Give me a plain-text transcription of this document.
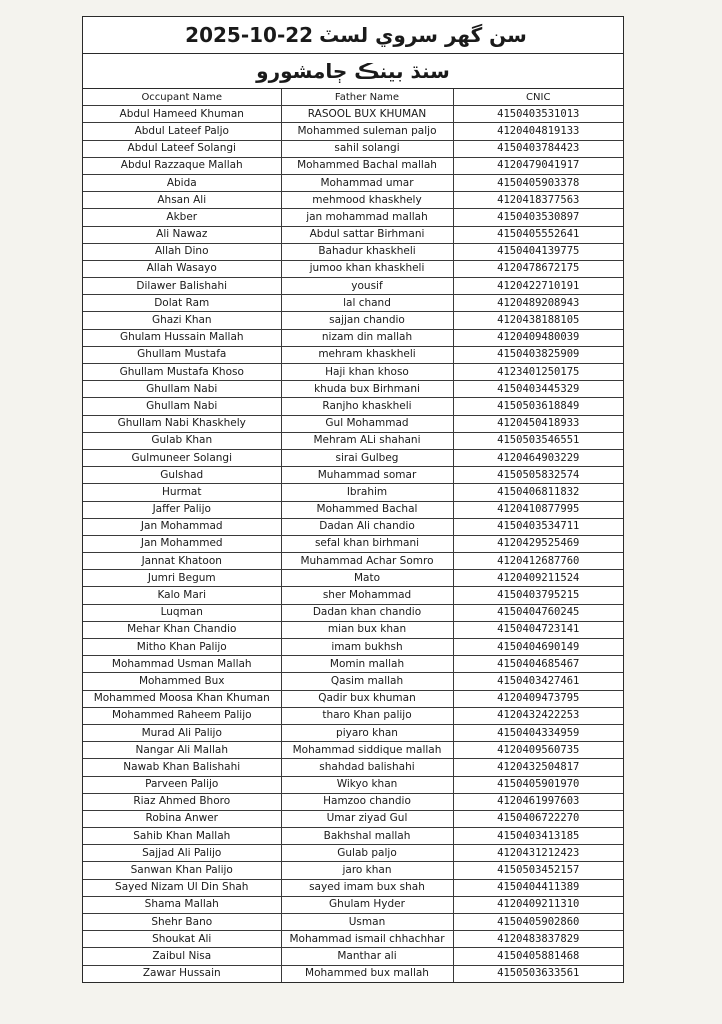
سن گھر سروي لسٽ
2025-10-22
سنڌ بينڪ ڄامشورو
Occupant Name	Father Name	CNIC
Abdul Hameed Khuman	RASOOL BUX KHUMAN	4150403531013
Abdul Lateef Paljo	Mohammed suleman paljo	4120404819133
Abdul Lateef Solangi	sahil solangi	4150403784423
Abdul Razzaque Mallah	Mohammed Bachal mallah	4120479041917
Abida	Mohammad umar	4150405903378
Ahsan Ali	mehmood khaskhely	4120418377563
Akber	jan mohammad mallah	4150403530897
Ali Nawaz	Abdul sattar Birhmani	4150405552641
Allah Dino	Bahadur khaskheli	4150404139775
Allah Wasayo	jumoo khan khaskheli	4120478672175
Dilawer Balishahi	yousif	4120422710191
Dolat Ram	lal chand	4120489208943
Ghazi Khan	sajjan chandio	4120438188105
Ghulam Hussain Mallah	nizam din mallah	4120409480039
Ghullam Mustafa	mehram khaskheli	4150403825909
Ghullam Mustafa Khoso	Haji khan khoso	4123401250175
Ghullam Nabi	khuda bux Birhmani	4150403445329
Ghullam Nabi	Ranjho khaskheli	4150503618849
Ghullam Nabi Khaskhely	Gul Mohammad	4120450418933
Gulab Khan	Mehram ALi shahani	4150503546551
Gulmuneer Solangi	sirai Gulbeg	4120464903229
Gulshad	Muhammad somar	4150505832574
Hurmat	Ibrahim	4150406811832
Jaffer Palijo	Mohammed Bachal	4120410877995
Jan Mohammad	Dadan Ali chandio	4150403534711
Jan Mohammed	sefal khan birhmani	4120429525469
Jannat Khatoon	Muhammad Achar Somro	4120412687760
Jumri Begum	Mato	4120409211524
Kalo Mari	sher Mohammad	4150403795215
Luqman	Dadan khan chandio	4150404760245
Mehar Khan Chandio	mian bux khan	4150404723141
Mitho Khan Palijo	imam bukhsh	4150404690149
Mohammad Usman Mallah	Momin mallah	4150404685467
Mohammed Bux	Qasim mallah	4150403427461
Mohammed Moosa Khan Khuman	Qadir bux khuman	4120409473795
Mohammed Raheem Palijo	tharo Khan palijo	4120432422253
Murad Ali Palijo	piyaro khan	4150404334959
Nangar Ali Mallah	Mohammad siddique mallah	4120409560735
Nawab Khan Balishahi	shahdad balishahi	4120432504817
Parveen Palijo	Wikyo khan	4150405901970
Riaz Ahmed Bhoro	Hamzoo chandio	4120461997603
Robina Anwer	Umar ziyad Gul	4150406722270
Sahib Khan Mallah	Bakhshal mallah	4150403413185
Sajjad Ali Palijo	Gulab paljo	4120431212423
Sanwan Khan Palijo	jaro khan	4150503452157
Sayed Nizam Ul Din Shah	sayed imam bux shah	4150404411389
Shama Mallah	Ghulam Hyder	4120409211310
Shehr Bano	Usman	4150405902860
Shoukat Ali	Mohammad ismail chhachhar	4120483837829
Zaibul Nisa	Manthar ali	4150405881468
Zawar Hussain	Mohammed bux mallah	4150503633561
